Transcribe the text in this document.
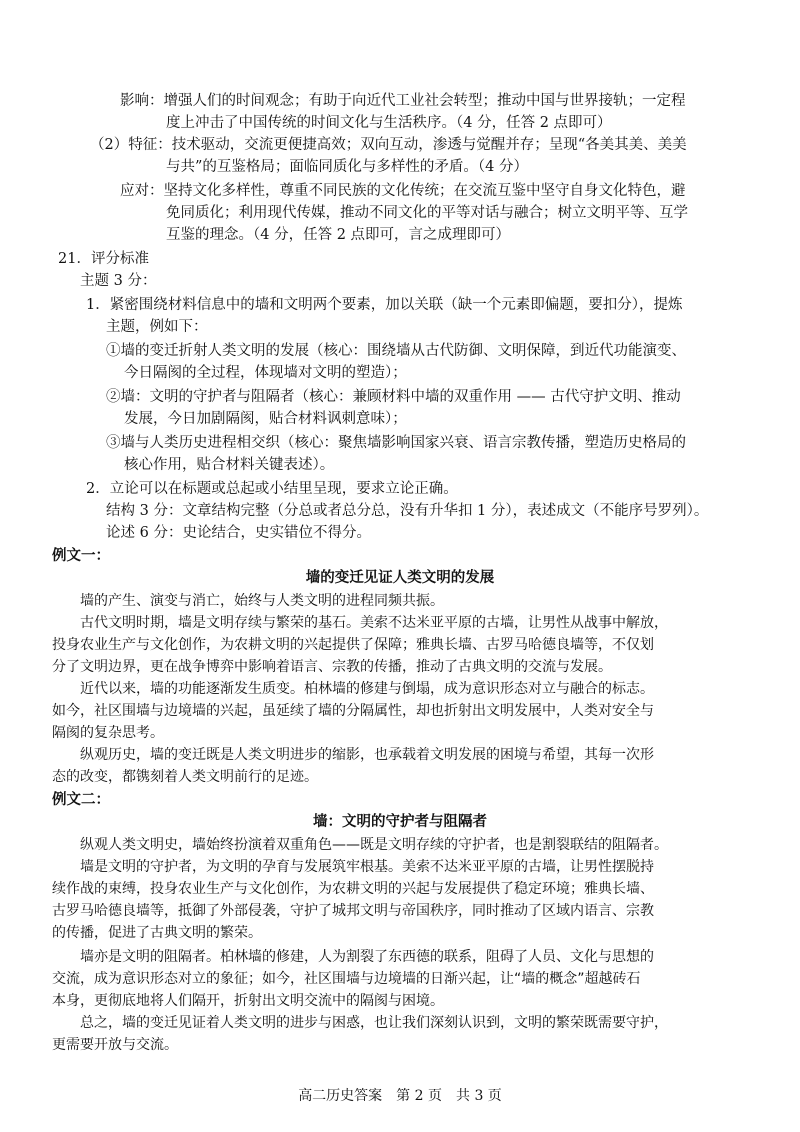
影响：增强人们的时间观念；有助于向近代工业社会转型；推动中国与世界接轨；一定程
度上冲击了中国传统的时间文化与生活秩序。（4 分，任答 2 点即可）
（2）特征：技术驱动，交流更便捷高效；双向互动，渗透与觉醒并存；呈现“各美其美、美美
与共”的互鉴格局；面临同质化与多样性的矛盾。（4 分）
应对：坚持文化多样性，尊重不同民族的文化传统；在交流互鉴中坚守自身文化特色，避
免同质化；利用现代传媒，推动不同文化的平等对话与融合；树立文明平等、互学
互鉴的理念。（4 分，任答 2 点即可，言之成理即可）
21．评分标准
主题 3 分：
1．紧密围绕材料信息中的墙和文明两个要素，加以关联（缺一个元素即偏题，要扣分），提炼
主题，例如下：
①墙的变迁折射人类文明的发展（核心：围绕墙从古代防御、文明保障，到近代功能演变、
今日隔阂的全过程，体现墙对文明的塑造）；
②墙：文明的守护者与阻隔者（核心：兼顾材料中墙的双重作用 —— 古代守护文明、推动
发展，今日加剧隔阂，贴合材料讽刺意味）；
③墙与人类历史进程相交织（核心：聚焦墙影响国家兴衰、语言宗教传播，塑造历史格局的
核心作用，贴合材料关键表述）。
2．立论可以在标题或总起或小结里呈现，要求立论正确。
结构 3 分：文章结构完整（分总或者总分总，没有升华扣 1 分），表述成文（不能序号罗列）。
论述 6 分：史论结合，史实错位不得分。
例文一：
墙的变迁见证人类文明的发展
墙的产生、演变与消亡，始终与人类文明的进程同频共振。
古代文明时期，墙是文明存续与繁荣的基石。美索不达米亚平原的古墙，让男性从战事中解放，
投身农业生产与文化创作，为农耕文明的兴起提供了保障；雅典长墙、古罗马哈德良墙等，不仅划
分了文明边界，更在战争博弈中影响着语言、宗教的传播，推动了古典文明的交流与发展。
近代以来，墙的功能逐渐发生质变。柏林墙的修建与倒塌，成为意识形态对立与融合的标志。
如今，社区围墙与边境墙的兴起，虽延续了墙的分隔属性，却也折射出文明发展中，人类对安全与
隔阂的复杂思考。
纵观历史，墙的变迁既是人类文明进步的缩影，也承载着文明发展的困境与希望，其每一次形
态的改变，都镌刻着人类文明前行的足迹。
例文二：
墙：文明的守护者与阻隔者
纵观人类文明史，墙始终扮演着双重角色——既是文明存续的守护者，也是割裂联结的阻隔者。
墙是文明的守护者，为文明的孕育与发展筑牢根基。美索不达米亚平原的古墙，让男性摆脱持
续作战的束缚，投身农业生产与文化创作，为农耕文明的兴起与发展提供了稳定环境；雅典长墙、
古罗马哈德良墙等，抵御了外部侵袭，守护了城邦文明与帝国秩序，同时推动了区域内语言、宗教
的传播，促进了古典文明的繁荣。
墙亦是文明的阻隔者。柏林墙的修建，人为割裂了东西德的联系，阻碍了人员、文化与思想的
交流，成为意识形态对立的象征；如今，社区围墙与边境墙的日渐兴起，让“墙的概念”超越砖石
本身，更彻底地将人们隔开，折射出文明交流中的隔阂与困境。
总之，墙的变迁见证着人类文明的进步与困惑，也让我们深刻认识到，文明的繁荣既需要守护，
更需要开放与交流。
高二历史答案　第 2 页　共 3 页
